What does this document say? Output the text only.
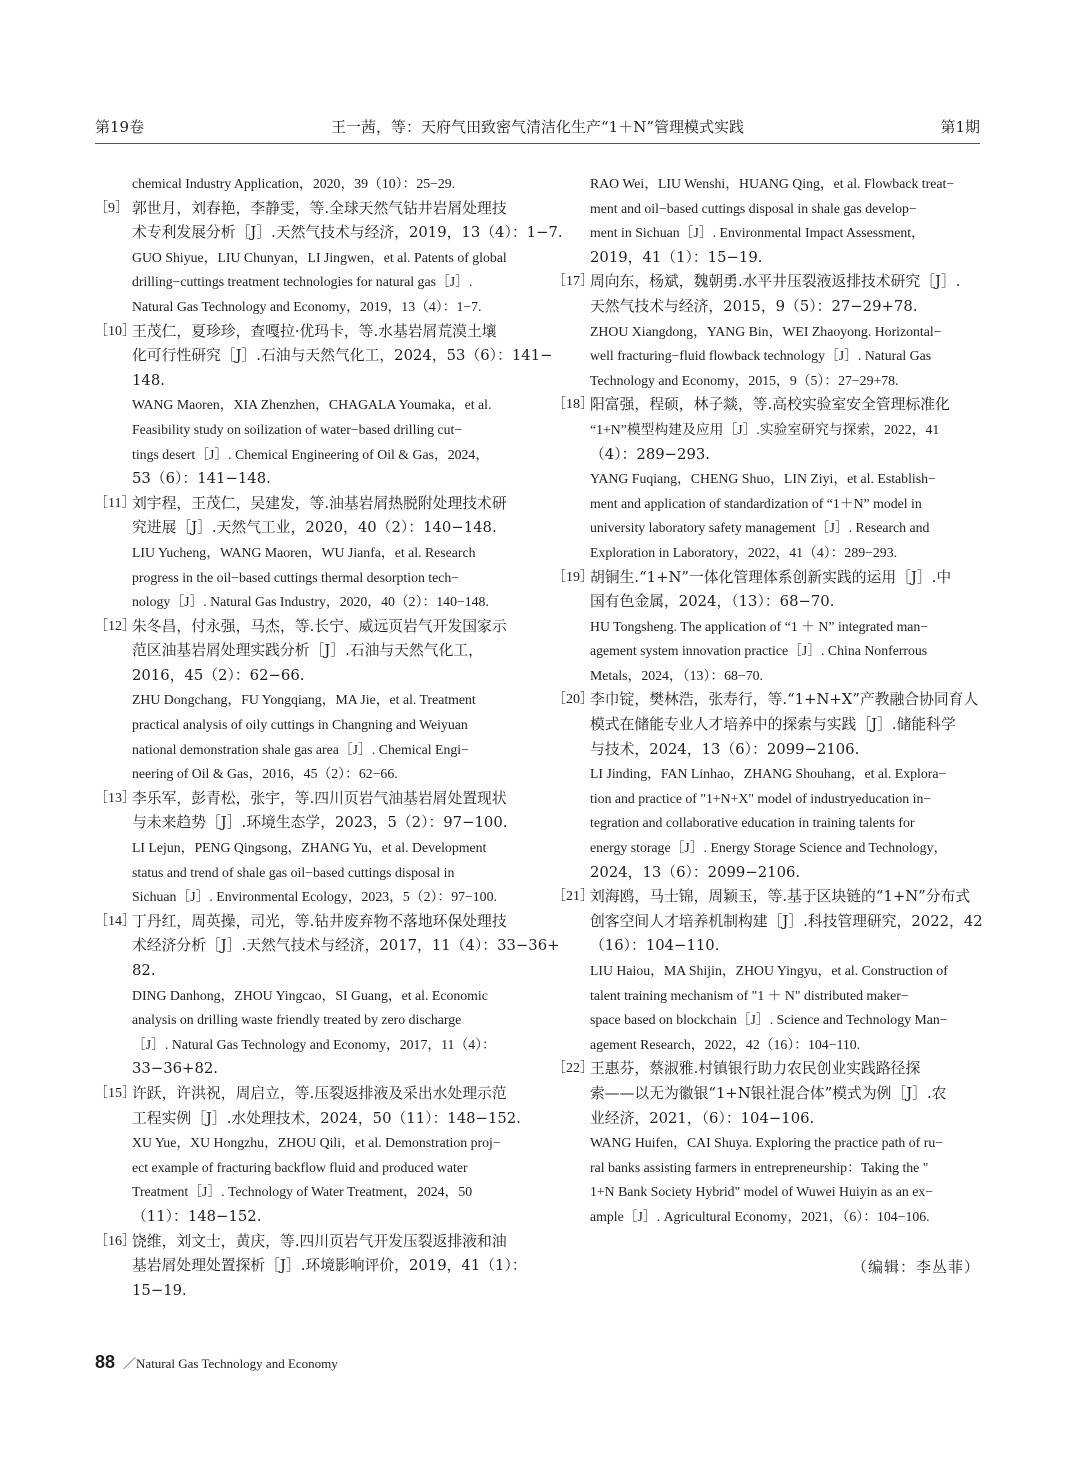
第19卷	王一茜，等：天府气田致密气清洁化生产“1＋N”管理模式实践	第1期
chemical Industry Application，2020，39（10）：25−29.
［9］ 郭世月，刘春艳，李静雯，等.全球天然气钻井岩屑处理技
术专利发展分析［J］.天然气技术与经济，2019，13（4）：1−7.
GUO Shiyue，LIU Chunyan，LI Jingwen，et al. Patents of global
drilling−cuttings treatment technologies for natural gas［J］.
Natural Gas Technology and Economy，2019，13（4）：1−7.
［10］
王茂仁，夏珍珍，查嘎拉·优玛卡，等.水基岩屑荒漠土壤
化可行性研究［J］.石油与天然气化工，2024，53（6）：141−
148.
WANG Maoren，XIA Zhenzhen，CHAGALA Youmaka，et al.
Feasibility study on soilization of water−based drilling cut−
tings desert［J］. Chemical Engineering of Oil & Gas，2024，
53（6）：141−148.
［11］
刘宇程，王茂仁，吴建发，等.油基岩屑热脱附处理技术研
究进展［J］.天然气工业，2020，40（2）：140−148.
LIU Yucheng，WANG Maoren，WU Jianfa，et al. Research
progress in the oil−based cuttings thermal desorption tech−
nology［J］. Natural Gas Industry，2020，40（2）：140−148.
［12］
朱冬昌，付永强，马杰，等.长宁、威远页岩气开发国家示
范区油基岩屑处理实践分析［J］.石油与天然气化工，
2016，45（2）：62−66.
ZHU Dongchang，FU Yongqiang，MA Jie，et al. Treatment
practical analysis of oily cuttings in Changning and Weiyuan
national demonstration shale gas area［J］. Chemical Engi−
neering of Oil & Gas，2016，45（2）：62−66.
［13］
李乐军，彭青松，张宇，等.四川页岩气油基岩屑处置现状
与未来趋势［J］.环境生态学，2023，5（2）：97−100.
LI Lejun，PENG Qingsong，ZHANG Yu，et al. Development
status and trend of shale gas oil−based cuttings disposal in
Sichuan［J］. Environmental Ecology，2023，5（2）：97−100.
［14］
丁丹红，周英操，司光，等.钻井废弃物不落地环保处理技
术经济分析［J］.天然气技术与经济，2017，11（4）：33−36+
82.
DING Danhong，ZHOU Yingcao，SI Guang，et al. Economic
analysis on drilling waste friendly treated by zero discharge
［J］. Natural Gas Technology and Economy，2017，11（4）：
33−36+82.
［15］
许跃，许洪祝，周启立，等.压裂返排液及采出水处理示范
工程实例［J］.水处理技术，2024，50（11）：148−152.
XU Yue，XU Hongzhu，ZHOU Qili，et al. Demonstration proj−
ect example of fracturing backflow fluid and produced water
Treatment［J］. Technology of Water Treatment，2024，50
（11）：148−152.
［16］
饶维，刘文士，黄庆，等.四川页岩气开发压裂返排液和油
基岩屑处理处置探析［J］.环境影响评价，2019，41（1）：
15−19.
RAO Wei，LIU Wenshi，HUANG Qing，et al. Flowback treat−
ment and oil−based cuttings disposal in shale gas develop−
ment in Sichuan［J］. Environmental Impact Assessment，
2019，41（1）：15−19.
［17］
周向东，杨斌，魏朝勇.水平井压裂液返排技术研究［J］.
天然气技术与经济，2015，9（5）：27−29+78.
ZHOU Xiangdong，YANG Bin，WEI Zhaoyong. Horizontal−
well fracturing−fluid flowback technology［J］. Natural Gas
Technology and Economy，2015，9（5）：27−29+78.
［18］
阳富强，程硕，林子燚，等.高校实验室安全管理标准化
“1+N”模型构建及应用［J］.实验室研究与探索，2022，41
（4）：289−293.
YANG Fuqiang，CHENG Shuo，LIN Ziyi，et al. Establish−
ment and application of standardization of “1＋N” model in
university laboratory safety management［J］. Research and
Exploration in Laboratory，2022，41（4）：289−293.
［19］
胡铜生.“1+N”一体化管理体系创新实践的运用［J］.中
国有色金属，2024，（13）：68−70.
HU Tongsheng. The application of “1 ＋ N” integrated man−
agement system innovation practice［J］. China Nonferrous
Metals，2024，（13）：68−70.
［20］
李巾锭，樊林浩，张寿行，等.“1+N+X”产教融合协同育人
模式在储能专业人才培养中的探索与实践［J］.储能科学
与技术，2024，13（6）：2099−2106.
LI Jinding，FAN Linhao，ZHANG Shouhang，et al. Explora−
tion and practice of "1+N+X" model of industryeducation in−
tegration and collaborative education in training talents for
energy storage［J］. Energy Storage Science and Technology，
2024，13（6）：2099−2106.
［21］
刘海鸥，马士锦，周颖玉，等.基于区块链的“1+N”分布式
创客空间人才培养机制构建［J］.科技管理研究，2022，42
（16）：104−110.
LIU Haiou，MA Shijin，ZHOU Yingyu，et al. Construction of
talent training mechanism of "1 ＋ N" distributed maker−
space based on blockchain［J］. Science and Technology Man−
agement Research，2022，42（16）：104−110.
［22］
王惠芬，蔡淑雅.村镇银行助力农民创业实践路径探
索——以无为徽银“1+N银社混合体”模式为例［J］.农
业经济，2021，（6）：104−106.
WANG Huifen，CAI Shuya. Exploring the practice path of ru−
ral banks assisting farmers in entrepreneurship：Taking the "
1+N Bank Society Hybrid" model of Wuwei Huiyin as an ex−
ample［J］. Agricultural Economy，2021，（6）：104−106.
（编辑：李丛菲）
88 ／Natural Gas Technology and Economy
